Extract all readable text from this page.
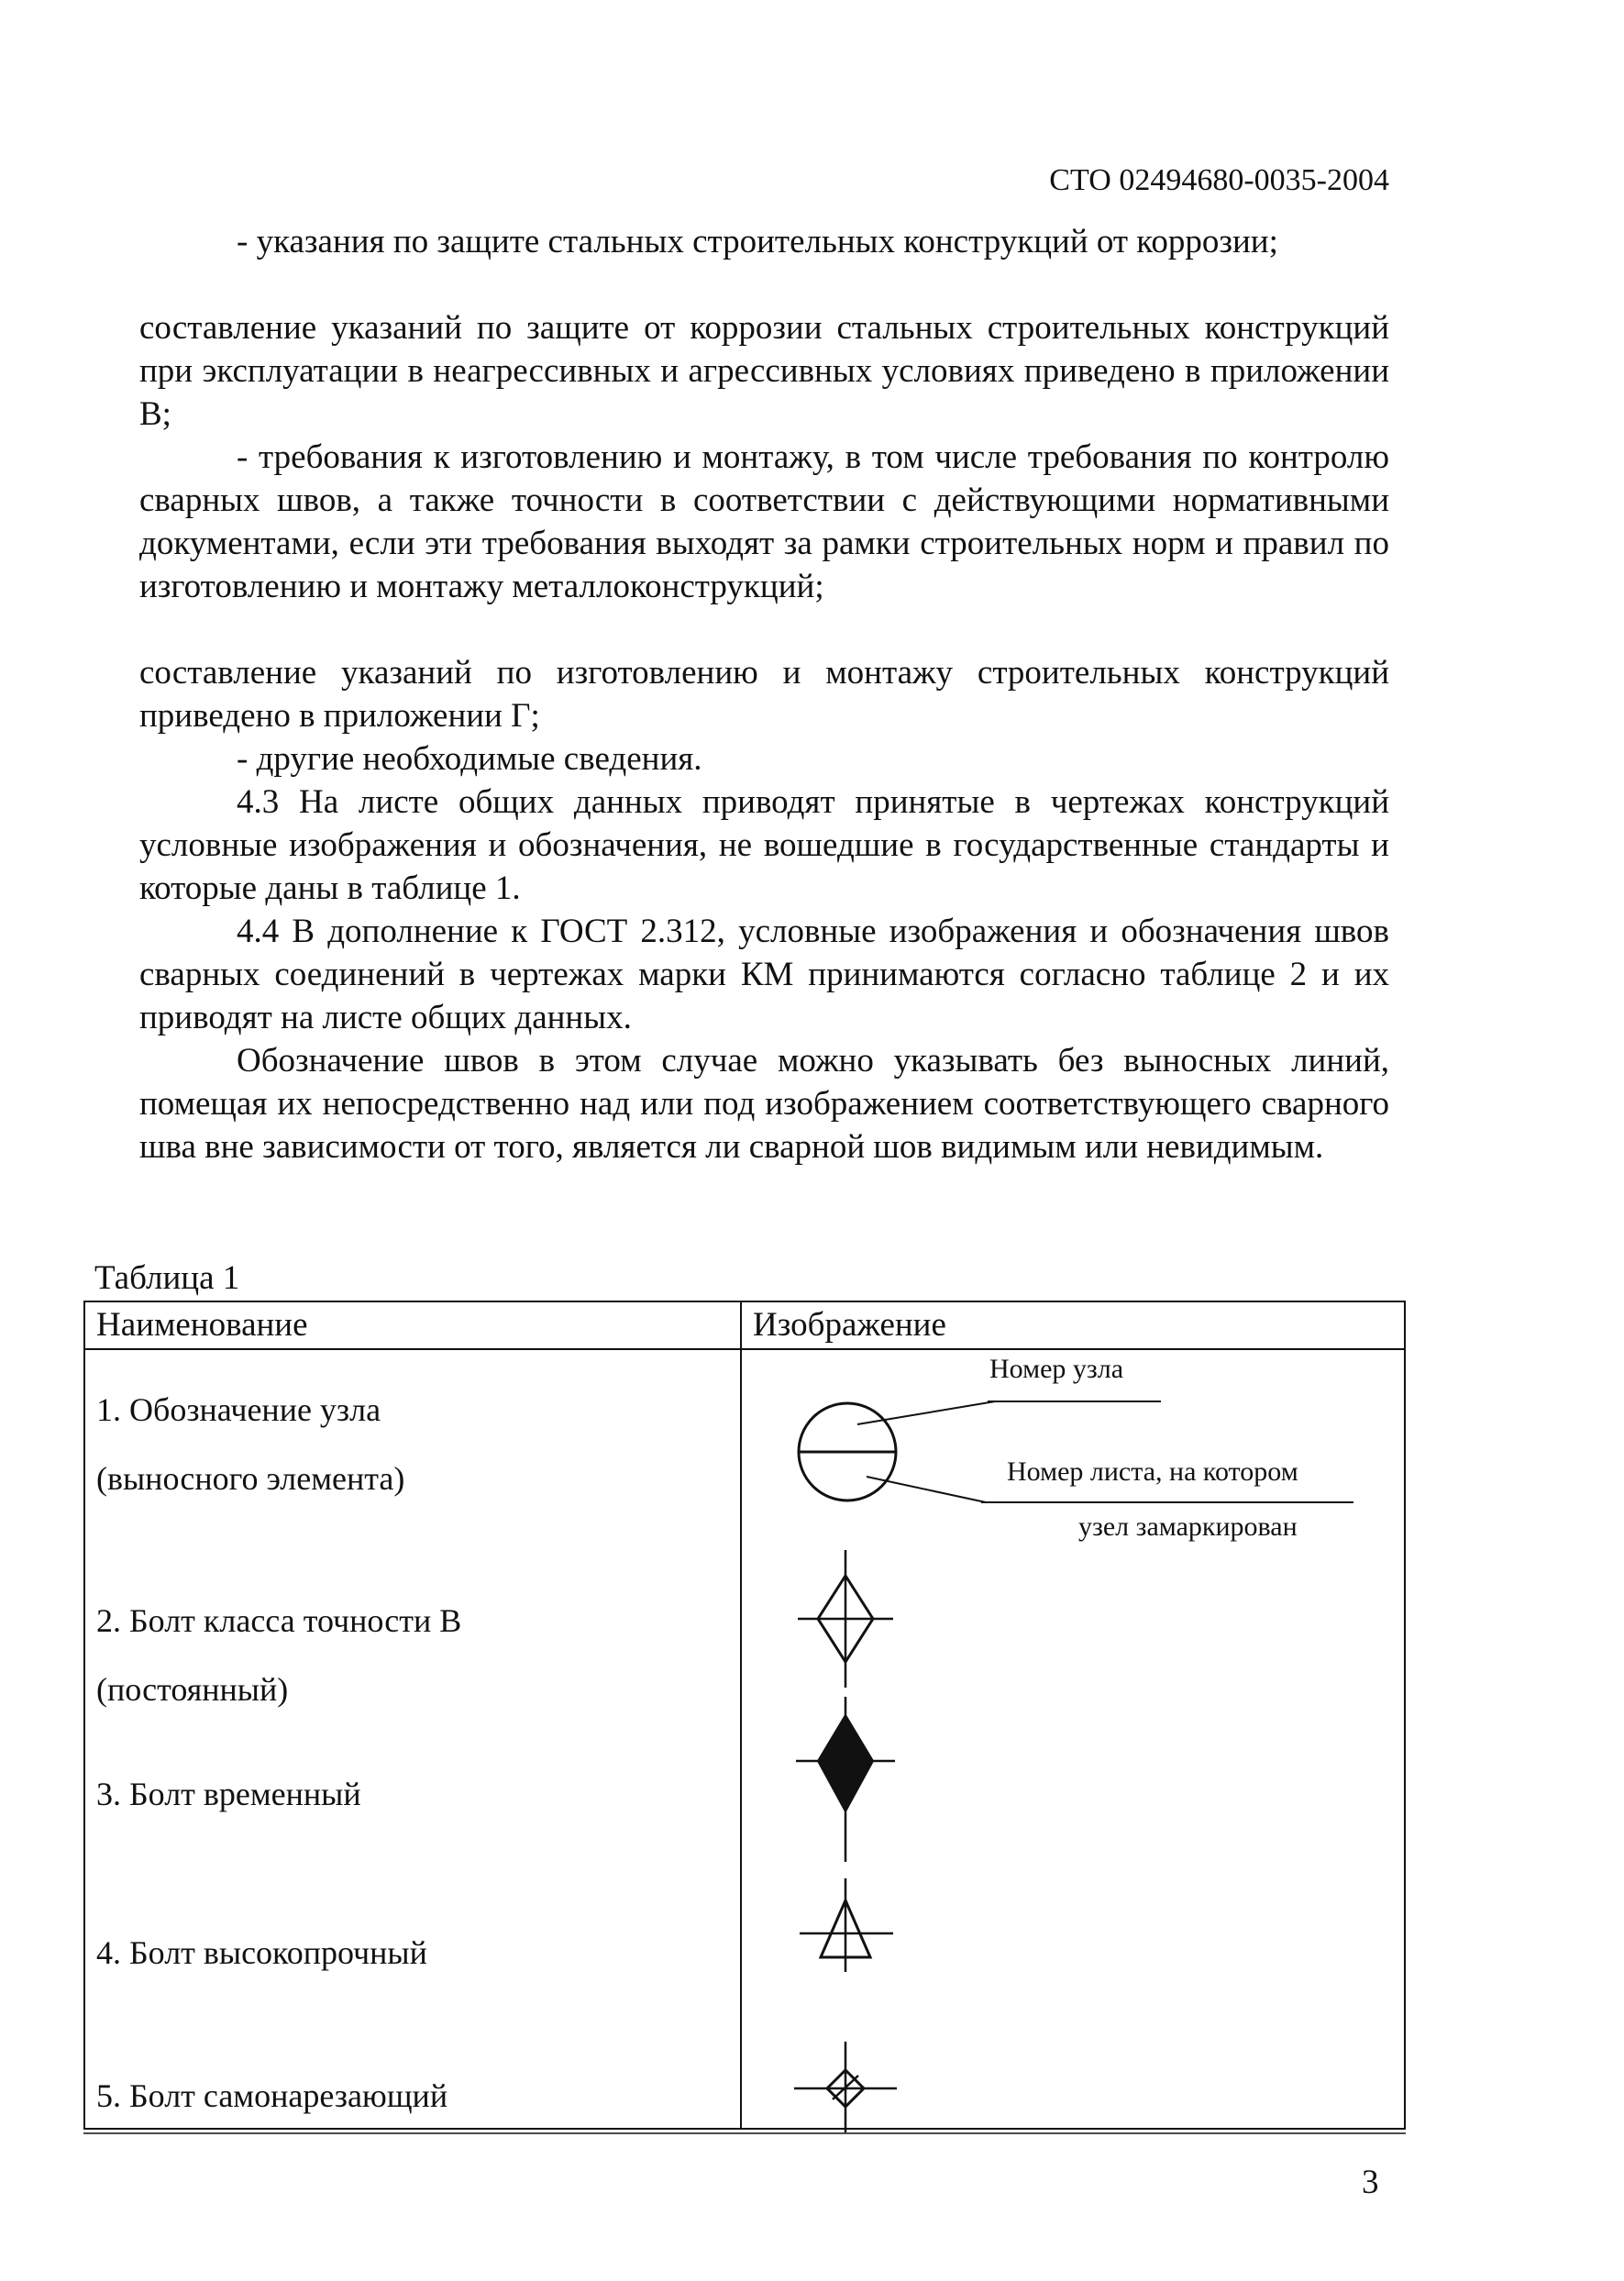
СТО 02494680-0035-2004

- указания по защите стальных строительных конструкций от коррозии;

составление указаний по защите от коррозии стальных строительных конструкций при эксплуатации в неагрессивных и агрессивных условиях приведено в приложении В;

- требования к изготовлению и монтажу, в том числе требования по контролю сварных швов, а также точности в соответствии с действующими нормативными документами, если эти требования выходят за рамки строительных норм и правил по изготовлению и монтажу металлоконструкций;

составление указаний по изготовлению и монтажу строительных конструкций приведено в приложении Г;

- другие необходимые сведения.

4.3 На листе общих данных приводят принятые в чертежах конструкций условные изображения и обозначения, не вошедшие в государственные стандарты и которые даны в таблице 1.

4.4 В дополнение к ГОСТ 2.312, условные изображения и обозначения швов сварных соединений в чертежах марки КМ принимаются согласно таблице 2 и их приводят на листе общих данных.

Обозначение швов в этом случае можно указывать без выносных линий, помещая их непосредственно над или под изображением соответствующего сварного шва вне зависимости от того, является ли сварной шов видимым или невидимым.

Таблица 1
Наименование	Изображение
1. Обозначение узла
(выносного элемента)
2. Болт класса точности В
(постоянный)
3. Болт временный
4. Болт высокопрочный
5. Болт самонарезающий
Номер узла
Номер листа, на котором
узел замаркирован
3
